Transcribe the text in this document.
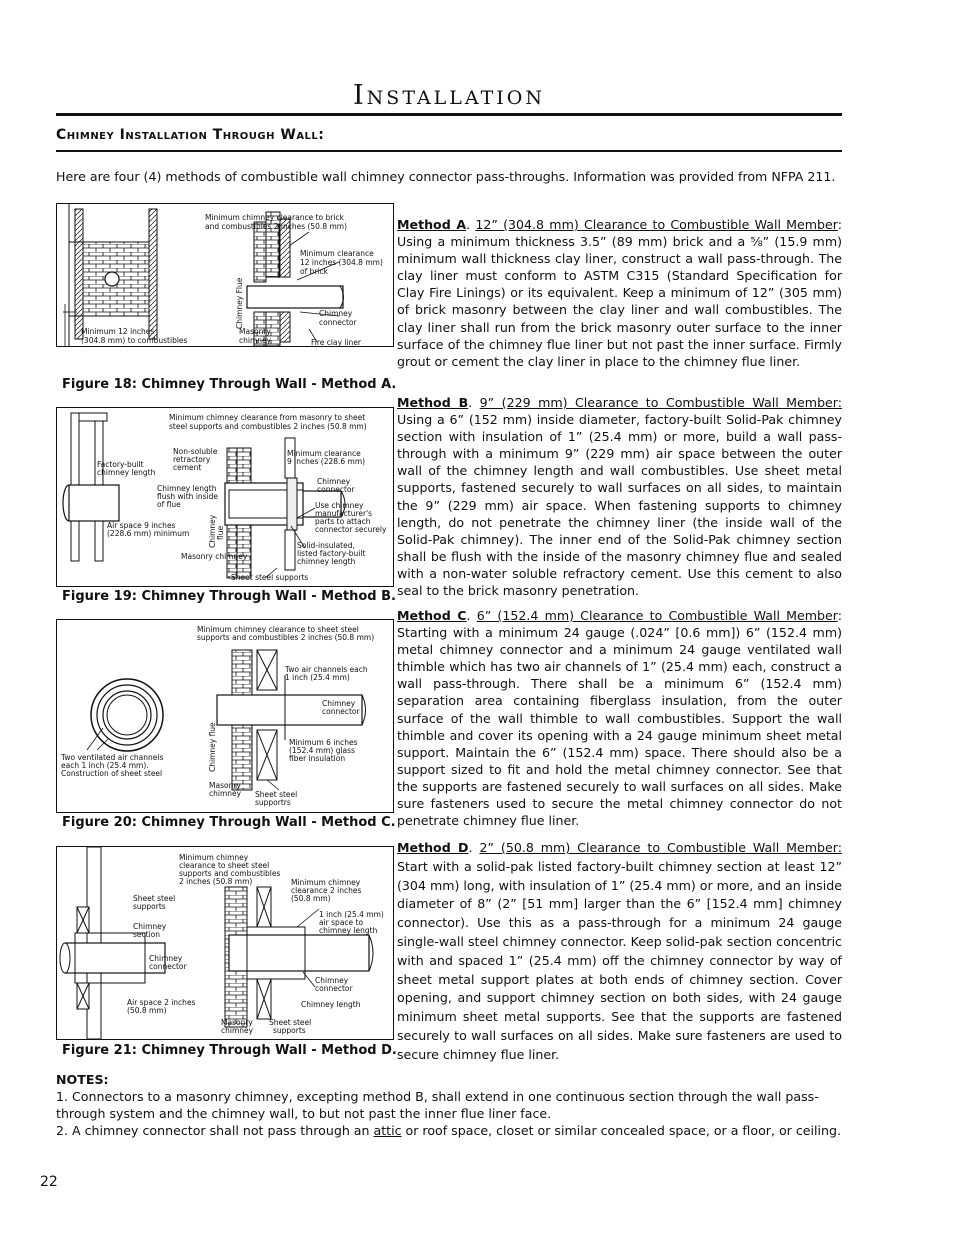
Installation
Chimney Installation Through Wall:
Here are four (4) methods of combustible wall chimney connector pass-throughs. Information was provided from NFPA 211.
Minimum chimney clearance to brick
and combustibles 2 inches (50.8 mm)
Minimum clearance
12 inches (304.8 mm)
of brick
Chimney Flue	Chimney
connector
Fire clay liner
Masonry
Minimum 12 inches
chimney
(304.8 mm) to combustibles
Figure 18: Chimney Through Wall - Method A.
Minimum chimney clearance from masonry to sheet
steel supports and combustibles 2 inches (50.8 mm)
Non-soluble
retractory
cement
Factory-built
chimney length
Chimney length
flush with inside
of flue
Minimum clearance
9 inches (228.6 mm)
Chimney
connector
Use chimney
manufacturer's
parts to attach
connector securely
Air space 9 inches
(228.6 mm) minimum Chimney flue
Masonry chimney
Solid-insulated,
listed factory-built
chimney length
Sheet steel supports
Figure 19: Chimney Through Wall - Method B.
Minimum chimney clearance to sheet steel
supports and combustibles 2 inches (50.8 mm)
Two air channels each
1 inch (25.4 mm)
Chimney
connector
Chimney flue	Minimum 6 inches
(152.4 mm) glass
fiber insulation
Two ventilated air channels
each 1 inch (25.4 mm).
Construction of sheet steel
Masonry
chimney Sheet steel
supportrs
Figure 20: Chimney Through Wall - Method C.
Minimum chimney
clearance to sheet steel
supports and combustibles
2 inches (50.8 mm)	Minimum chimney
clearance 2 inches
(50.8 mm)
Sheet steel
supports
Chimney
section
1 inch (25.4 mm)
air space to
chimney length
Chimney
connector
Chimney
connector
Air space 2 inches
(50.8 mm)
Chimney length
Masonry
chimney
Sheet steel
supports
Figure 21: Chimney Through Wall - Method D.
Method A. 12” (304.8 mm) Clearance to Combustible Wall Member: Using a minimum thickness 3.5” (89 mm) brick and a ⅝” (15.9 mm) minimum wall thickness clay liner, construct a wall pass-through. The clay liner must conform to ASTM C315 (Standard Specification for Clay Fire Linings) or its equivalent. Keep a minimum of 12” (305 mm) of brick masonry between the clay liner and wall combustibles. The clay liner shall run from the brick masonry outer surface to the inner surface of the chimney flue liner but not past the inner surface. Firmly grout or cement the clay liner in place to the chimney flue liner.
Method B. 9” (229 mm) Clearance to Combustible Wall Member: Using a 6” (152 mm) inside diameter, factory-built Solid-Pak chimney section with insulation of 1” (25.4 mm) or more, build a wall pass-through with a minimum 9” (229 mm) air space between the outer wall of the chimney length and wall combustibles. Use sheet metal supports, fastened securely to wall surfaces on all sides, to maintain the 9” (229 mm) air space. When fastening supports to chimney length, do not penetrate the chimney liner (the inside wall of the Solid-Pak chimney). The inner end of the Solid-Pak chimney section shall be flush with the inside of the masonry chimney flue and sealed with a non-water soluble refractory cement. Use this cement to also seal to the brick masonry penetration.
Method C. 6” (152.4 mm) Clearance to Combustible Wall Member: Starting with a minimum 24 gauge (.024” [0.6 mm]) 6” (152.4 mm) metal chimney connector and a minimum 24 gauge ventilated wall thimble which has two air channels of 1” (25.4 mm) each, construct a wall pass-through. There shall be a minimum 6” (152.4 mm) separation area containing fiberglass insulation, from the outer surface of the wall thimble to wall combustibles. Support the wall thimble and cover its opening with a 24 gauge minimum sheet metal support. Maintain the 6” (152.4 mm) space. There should also be a support sized to fit and hold the metal chimney connector. See that the supports are fastened securely to wall surfaces on all sides. Make sure fasteners used to secure the metal chimney connector do not penetrate chimney flue liner.
Method D. 2” (50.8 mm) Clearance to Combustible Wall Member: Start with a solid-pak listed factory-built chimney section at least 12” (304 mm) long, with insulation of 1” (25.4 mm) or more, and an inside diameter of 8” (2” [51 mm] larger than the 6” [152.4 mm] chimney connector). Use this as a pass-through for a minimum 24 gauge single-wall steel chimney connector. Keep solid-pak section concentric with and spaced 1” (25.4 mm) off the chimney connector by way of sheet metal support plates at both ends of chimney section. Cover opening, and support chimney section on both sides, with 24 gauge minimum sheet metal supports. See that the supports are fastened securely to wall surfaces on all sides. Make sure fasteners are used to secure chimney flue liner.
NOTES:
1. Connectors to a masonry chimney, excepting method B, shall extend in one continuous section through the wall pass-through system and the chimney wall, to but not past the inner flue liner face.
2. A chimney connector shall not pass through an attic or roof space, closet or similar concealed space, or a floor, or ceiling.
22
